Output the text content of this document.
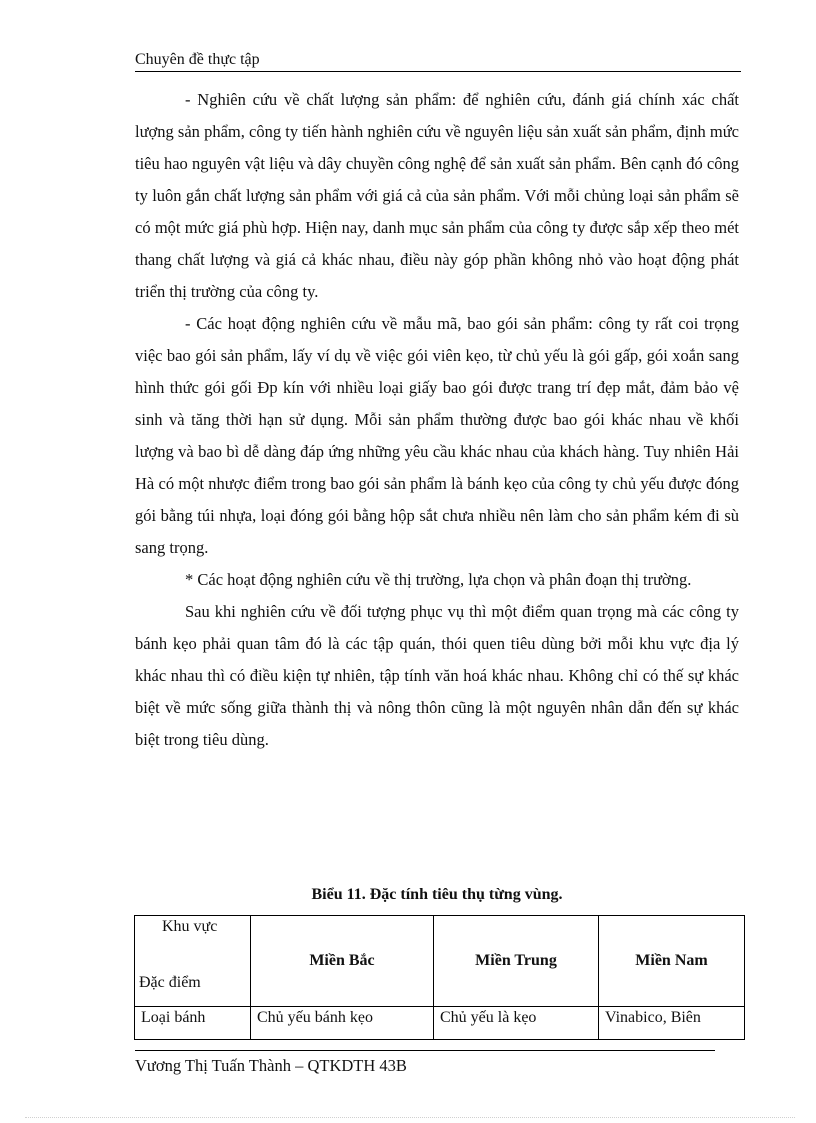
Chuyên đề thực tập

- Nghiên cứu về chất lượng sản phẩm: để nghiên cứu, đánh giá chính xác chất lượng sản phẩm, công ty tiến hành nghiên cứu về nguyên liệu sản xuất sản phẩm, định mức tiêu hao nguyên vật liệu và dây chuyền công nghệ để sản xuất sản phẩm. Bên cạnh đó công ty luôn gắn chất lượng sản phẩm với giá cả của sản phẩm. Với mỗi chủng loại sản phẩm sẽ có một mức giá phù hợp. Hiện nay, danh mục sản phẩm của công ty được sắp xếp theo mét thang chất lượng và giá cả khác nhau, điều này góp phần không nhỏ vào hoạt động phát triển thị trường của công ty.

- Các hoạt động nghiên cứu về mẫu mã, bao gói sản phẩm: công ty rất coi trọng việc bao gói sản phẩm, lấy ví dụ về việc gói viên kẹo, từ chủ yếu là gói gấp, gói xoắn sang hình thức gói gối Đp kín với nhiều loại giấy bao gói được trang trí đẹp mắt, đảm bảo vệ sinh và tăng thời hạn sử dụng. Mỗi sản phẩm thường được bao gói khác nhau về khối lượng và bao bì dễ dàng đáp ứng những yêu cầu khác nhau của khách hàng. Tuy nhiên Hải Hà có một nhược điểm trong bao gói sản phẩm là bánh kẹo của công ty chủ yếu được đóng gói bằng túi nhựa, loại đóng gói bằng hộp sắt chưa nhiều nên làm cho sản phẩm kém đi sù sang trọng.

* Các hoạt động nghiên cứu về thị trường, lựa chọn và phân đoạn thị trường.

Sau khi nghiên cứu về đối tượng phục vụ thì một điểm quan trọng mà các công ty bánh kẹo phải quan tâm đó là các tập quán, thói quen tiêu dùng bởi mỗi khu vực địa lý khác nhau thì có điều kiện tự nhiên, tập tính văn hoá khác nhau. Không chỉ có thế sự khác biệt về mức sống giữa thành thị và nông thôn cũng là một nguyên nhân dẫn đến sự khác biệt trong tiêu dùng.

Biểu 11. Đặc tính tiêu thụ từng vùng.
Khu vực
Đặc điểm	Miền Bắc	Miền Trung	Miền Nam
Loại bánh	Chủ yếu bánh kẹo	Chủ yếu là kẹo	Vinabico, Biên
Vương Thị Tuấn Thành – QTKDTH 43B
